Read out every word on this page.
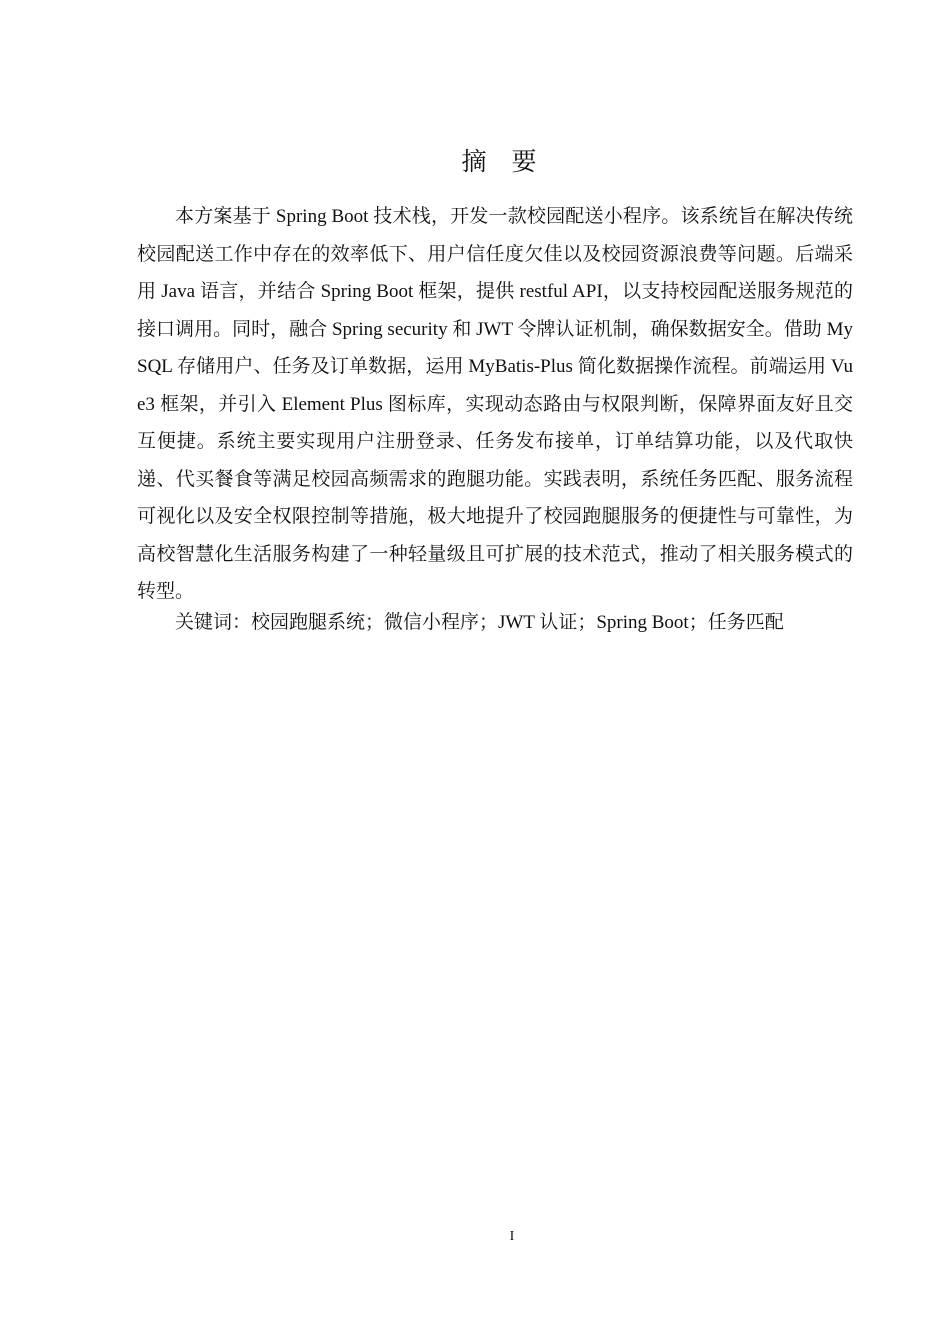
摘　要

本方案基于 Spring Boot 技术栈，开发一款校园配送小程序。该系统旨在解决传统校园配送工作中存在的效率低下、用户信任度欠佳以及校园资源浪费等问题。后端采用 Java 语言，并结合 Spring Boot 框架，提供 restful API，以支持校园配送服务规范的接口调用。同时，融合 Spring security 和 JWT 令牌认证机制，确保数据安全。借助 MySQL 存储用户、任务及订单数据，运用 MyBatis-Plus 简化数据操作流程。前端运用 Vue3 框架，并引入 Element Plus 图标库，实现动态路由与权限判断，保障界面友好且交互便捷。系统主要实现用户注册登录、任务发布接单，订单结算功能，以及代取快递、代买餐食等满足校园高频需求的跑腿功能。实践表明，系统任务匹配、服务流程可视化以及安全权限控制等措施，极大地提升了校园跑腿服务的便捷性与可靠性，为高校智慧化生活服务构建了一种轻量级且可扩展的技术范式，推动了相关服务模式的转型。

关键词：校园跑腿系统；微信小程序；JWT 认证；Spring Boot；任务匹配

I
